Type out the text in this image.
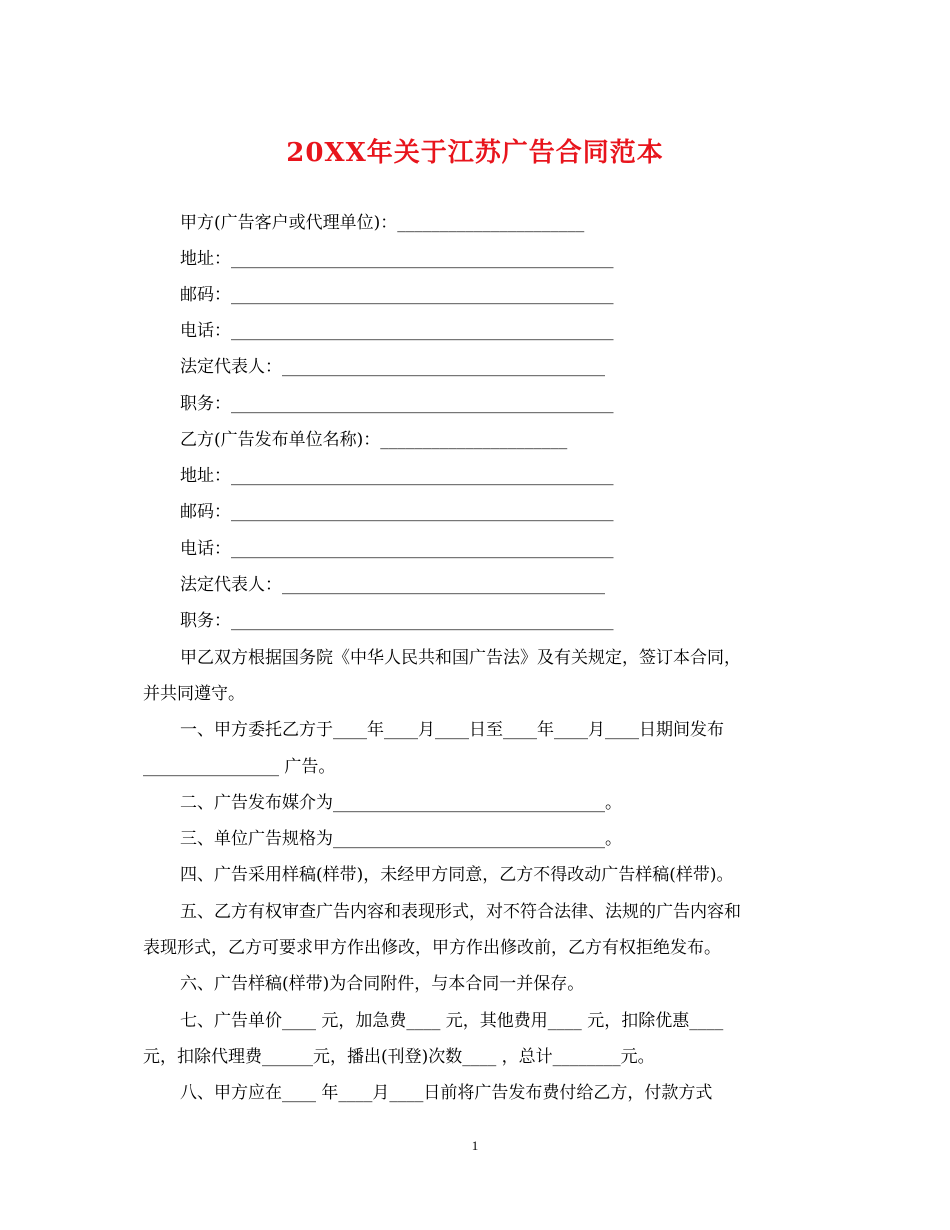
20XX年关于江苏广告合同范本
甲方(广告客户或代理单位)：______________________
地址：_____________________________________________
邮码：_____________________________________________
电话：_____________________________________________
法定代表人：______________________________________
职务：_____________________________________________
乙方(广告发布单位名称)：______________________
地址：_____________________________________________
邮码：_____________________________________________
电话：_____________________________________________
法定代表人：______________________________________
职务：_____________________________________________
甲乙双方根据国务院《中华人民共和国广告法》及有关规定，签订本合同，
并共同遵守。
一、甲方委托乙方于____年____月____日至____年____月____日期间发布
________________ 广告。
二、广告发布媒介为________________________________。
三、单位广告规格为________________________________。
四、广告采用样稿(样带)，未经甲方同意，乙方不得改动广告样稿(样带)。
五、乙方有权审查广告内容和表现形式，对不符合法律、法规的广告内容和
表现形式，乙方可要求甲方作出修改，甲方作出修改前，乙方有权拒绝发布。
六、广告样稿(样带)为合同附件，与本合同一并保存。
七、广告单价____ 元，加急费____ 元，其他费用____ 元，扣除优惠____
元，扣除代理费______元，播出(刊登)次数____ ，总计________元。
八、甲方应在____ 年____月____日前将广告发布费付给乙方，付款方式
1
